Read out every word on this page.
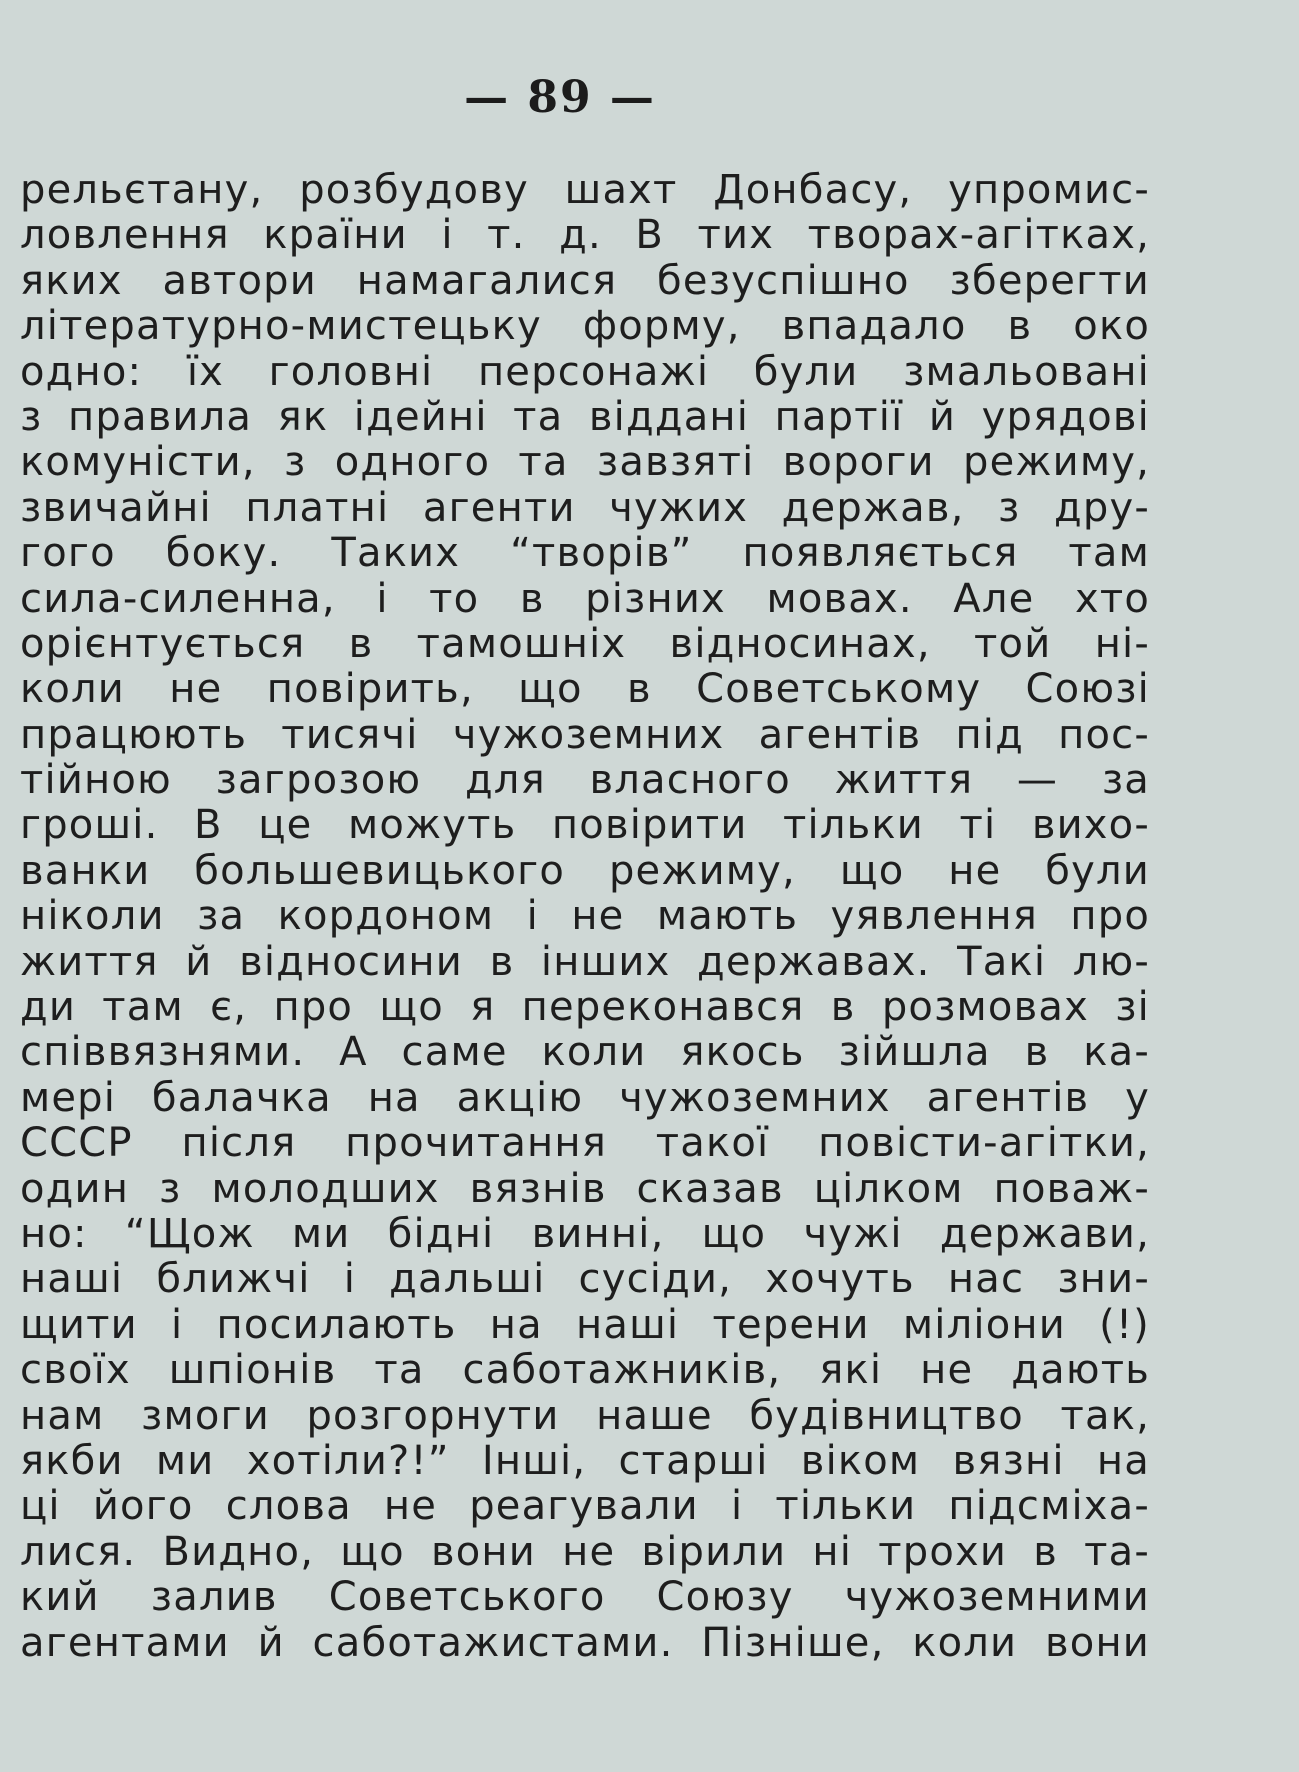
— 89 —
рельєтану, розбудову шахт Донбасу, упромис-
ловлення країни і т. д. В тих творах-агітках,
яких автори намагалися безуспішно зберегти
літературно-мистецьку форму, впадало в око
одно: їх головні персонажі були змальовані
з правила як ідейні та віддані партії й урядові
комуністи, з одного та завзяті вороги режиму,
звичайні платні агенти чужих держав, з дру-
гого боку. Таких “творів” появляється там
сила-силенна, і то в різних мовах. Але хто
орієнтується в тамошніх відносинах, той ні-
коли не повірить, що в Советському Союзі
працюють тисячі чужоземних агентів під пос-
тійною загрозою для власного життя — за
гроші. В це можуть повірити тільки ті вихо-
ванки большевицького режиму, що не були
ніколи за кордоном і не мають уявлення про
життя й відносини в інших державах. Такі лю-
ди там є, про що я переконався в розмовах зі
співвязнями. А саме коли якось зійшла в ка-
мері балачка на акцію чужоземних агентів у
СССР після прочитання такої повісти-агітки,
один з молодших вязнів сказав цілком повaж-
но: “Щож ми бідні винні, що чужі держави,
наші ближчі і дальші сусіди, хочуть нас зни-
щити і посилають на наші терени міліони (!)
своїх шпіонів та саботажників, які не дають
нам змоги розгорнути наше будівництво так,
якби ми хотіли?!” Інші, старші віком вязні на
ці його слова не реагували і тільки підсміха-
лися. Видно, що вони не вірили ні трохи в та-
кий залив Советського Союзу чужоземними
агентами й саботажистами. Пізніше, коли вони
